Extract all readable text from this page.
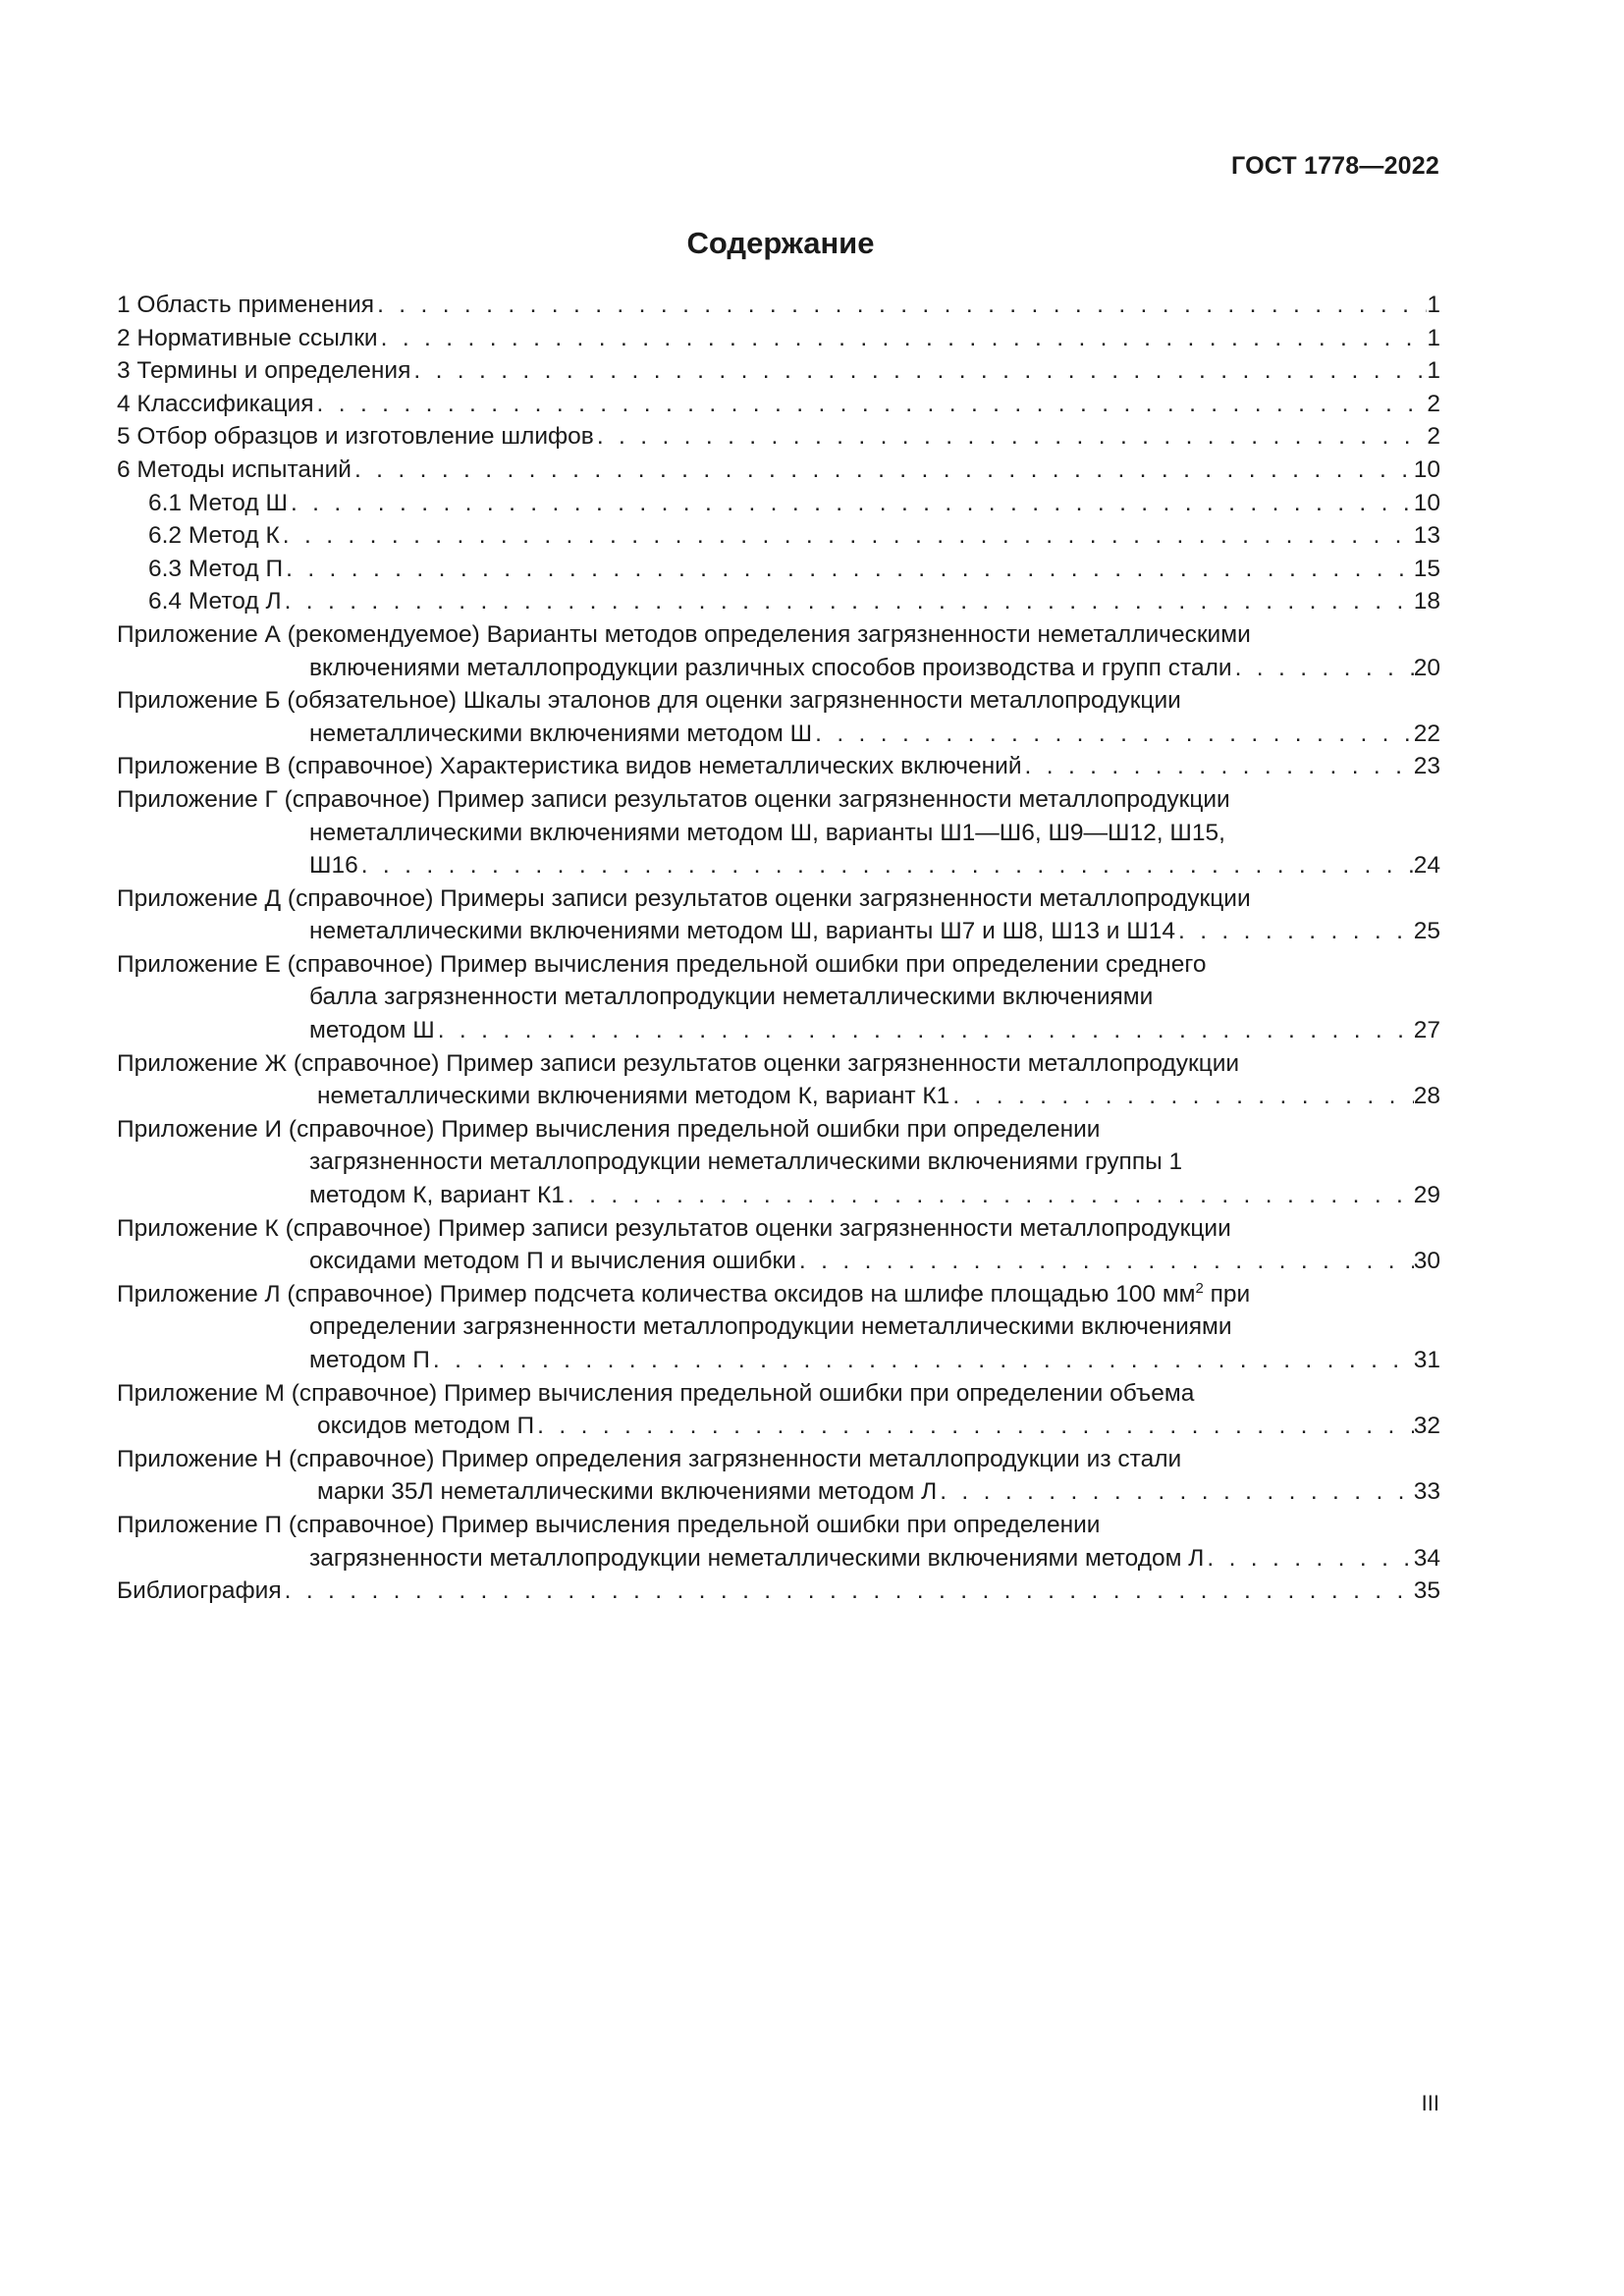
ГОСТ 1778—2022
Содержание
1 Область применения . . .	1
2 Нормативные ссылки . . .	1
3 Термины и определения . . .	1
4 Классификация . . .	2
5 Отбор образцов и изготовление шлифов . . .	2
6 Методы испытаний . . .	10
6.1 Метод Ш . . .	10
6.2 Метод К . . .	13
6.3 Метод П . . .	15
6.4 Метод Л . . .	18
Приложение А (рекомендуемое) Варианты методов определения загрязненности неметаллическими
включениями металлопродукции различных способов производства и групп стали . . .	20
Приложение Б (обязательное) Шкалы эталонов для оценки загрязненности металлопродукции
неметаллическими включениями методом Ш . . .	22
Приложение В (справочное) Характеристика видов неметаллических включений . . .	23
Приложение Г (справочное) Пример записи результатов оценки загрязненности металлопродукции
неметаллическими включениями методом Ш, варианты Ш1—Ш6, Ш9—Ш12, Ш15,
Ш16 . . .	24
Приложение Д (справочное) Примеры записи результатов оценки загрязненности металлопродукции
неметаллическими включениями методом Ш, варианты Ш7 и Ш8, Ш13 и Ш14 . . .	25
Приложение Е (справочное) Пример вычисления предельной ошибки при определении среднего
балла загрязненности металлопродукции неметаллическими включениями
методом Ш . . .	27
Приложение Ж (справочное) Пример записи результатов оценки загрязненности металлопродукции
неметаллическими включениями методом К, вариант К1 . . .	28
Приложение И (справочное) Пример вычисления предельной ошибки при определении
загрязненности металлопродукции неметаллическими включениями группы 1
методом К, вариант К1 . . .	29
Приложение К (справочное) Пример записи результатов оценки загрязненности металлопродукции
оксидами методом П и вычисления ошибки . . .	30
Приложение Л (справочное) Пример подсчета количества оксидов на шлифе площадью 100 $мм^2$ при
определении загрязненности металлопродукции неметаллическими включениями
методом П . . .	31
Приложение М (справочное) Пример вычисления предельной ошибки при определении объема
оксидов методом П . . .	32
Приложение Н (справочное) Пример определения загрязненности металлопродукции из стали
марки 35Л неметаллическими включениями методом Л . . .	33
Приложение П (справочное) Пример вычисления предельной ошибки при определении
загрязненности металлопродукции неметаллическими включениями методом Л . . .	34
Библиография . . .	35
III
